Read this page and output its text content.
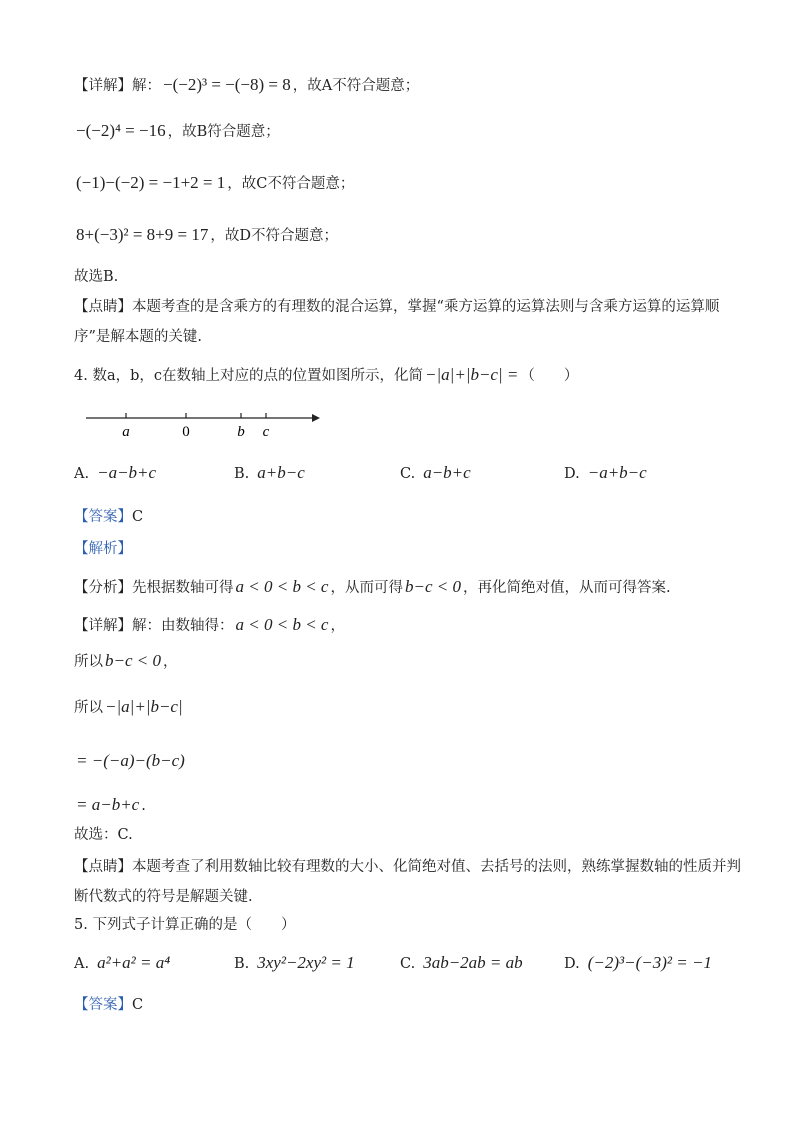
【详解】解： −(−2)³ = −(−8) = 8 ，故A不符合题意；
−(−2)⁴ = −16 ，故B符合题意；
(−1)−(−2) = −1+2 = 1 ，故C不符合题意；
8+(−3)² = 8+9 = 17 ，故D不符合题意；
故选B.
【点睛】本题考查的是含乘方的有理数的混合运算，掌握“乘方运算的运算法则与含乘方运算的运算顺
序”是解本题的关键.
4. 数a，b，c在数轴上对应的点的位置如图所示，化简 −|a|+|b−c| = （　　）
a	0	b c
A. −a−b+c	B. a+b−c	C. a−b+c	D. −a+b−c
【答案】C
【解析】
【分析】先根据数轴可得 a < 0 < b < c ，从而可得 b−c < 0 ，再化简绝对值，从而可得答案.
【详解】解：由数轴得： a < 0 < b < c ，
所以 b−c < 0 ，
所以 −|a|+|b−c|
= −(−a)−(b−c)
= a−b+c .
故选：C.
【点睛】本题考查了利用数轴比较有理数的大小、化简绝对值、去括号的法则，熟练掌握数轴的性质并判
断代数式的符号是解题关键.
5. 下列式子计算正确的是（　　）
A. a²+a² = a⁴	B. 3xy²−2xy² = 1	C. 3ab−2ab = ab	D. (−2)³−(−3)² = −1
【答案】C
